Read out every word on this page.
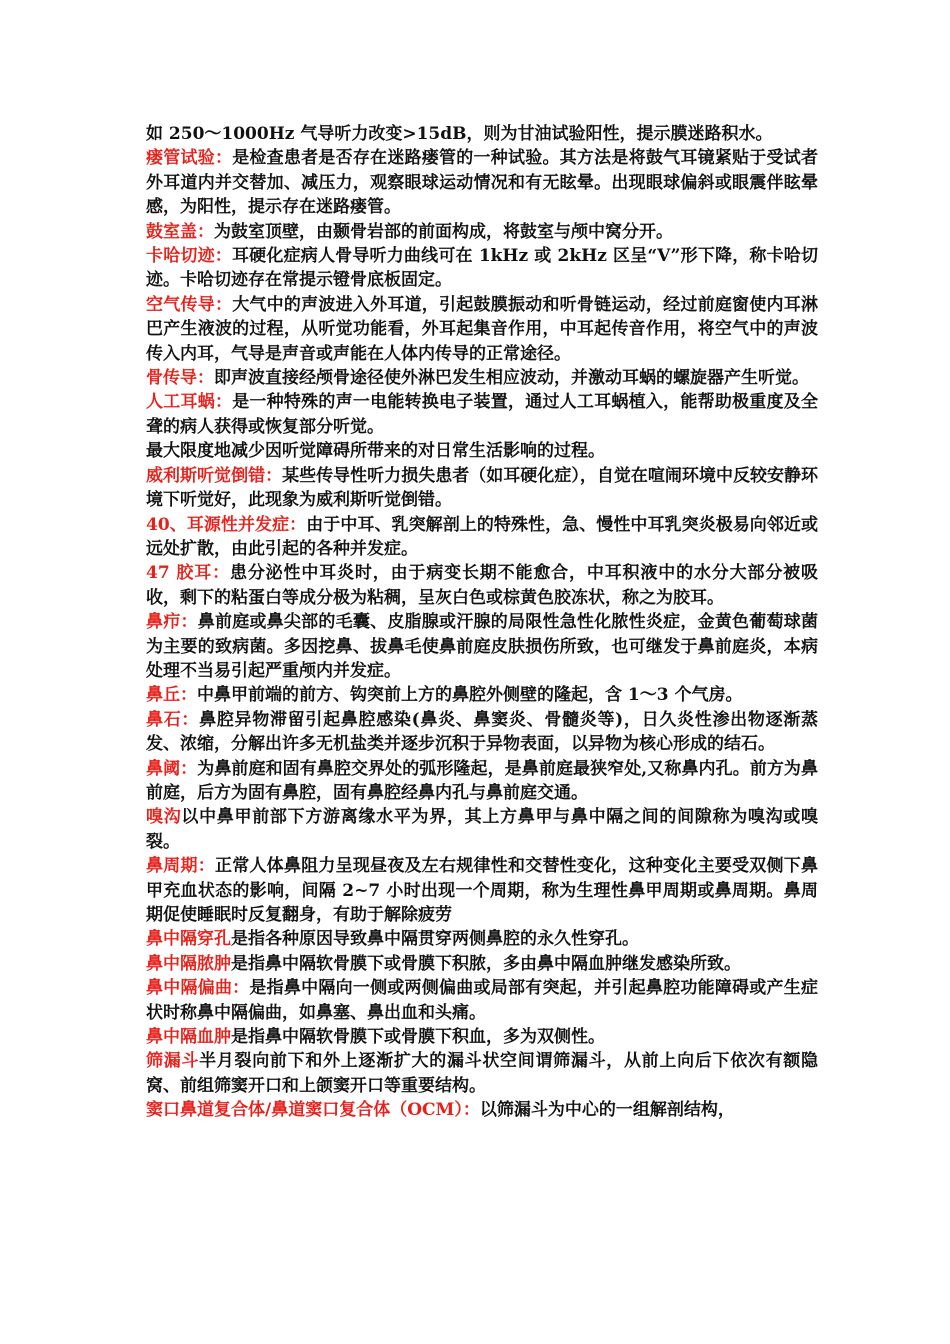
如 250～1000Hz 气导听力改变>15dB，则为甘油试验阳性，提示膜迷路积水。

瘘管试验：是检查患者是否存在迷路瘘管的一种试验。其方法是将鼓气耳镜紧贴于受试者外耳道内并交替加、减压力，观察眼球运动情况和有无眩晕。出现眼球偏斜或眼震伴眩晕感，为阳性，提示存在迷路瘘管。

鼓室盖：为鼓室顶壁，由颞骨岩部的前面构成，将鼓室与颅中窝分开。

卡哈切迹：耳硬化症病人骨导听力曲线可在 1kHz 或 2kHz 区呈“V”形下降，称卡哈切迹。卡哈切迹存在常提示镫骨底板固定。

空气传导：大气中的声波进入外耳道，引起鼓膜振动和听骨链运动，经过前庭窗使内耳淋巴产生液波的过程，从听觉功能看，外耳起集音作用，中耳起传音作用，将空气中的声波传入内耳，气导是声音或声能在人体内传导的正常途径。

骨传导：即声波直接经颅骨途径使外淋巴发生相应波动，并激动耳蜗的螺旋器产生听觉。

人工耳蜗：是一种特殊的声一电能转换电子装置，通过人工耳蜗植入，能帮助极重度及全聋的病人获得或恢复部分听觉。

最大限度地减少因听觉障碍所带来的对日常生活影响的过程。

威利斯听觉倒错：某些传导性听力损失患者（如耳硬化症），自觉在喧闹环境中反较安静环境下听觉好，此现象为威利斯听觉倒错。

40、耳源性并发症：由于中耳、乳突解剖上的特殊性，急、慢性中耳乳突炎极易向邻近或远处扩散，由此引起的各种并发症。

47 胶耳：患分泌性中耳炎时，由于病变长期不能愈合，中耳积液中的水分大部分被吸收，剩下的粘蛋白等成分极为粘稠，呈灰白色或棕黄色胶冻状，称之为胶耳。

鼻疖：鼻前庭或鼻尖部的毛囊、皮脂腺或汗腺的局限性急性化脓性炎症，金黄色葡萄球菌为主要的致病菌。多因挖鼻、拔鼻毛使鼻前庭皮肤损伤所致，也可继发于鼻前庭炎，本病处理不当易引起严重颅内并发症。

鼻丘：中鼻甲前端的前方、钩突前上方的鼻腔外侧壁的隆起，含 1～3 个气房。

鼻石：鼻腔异物滞留引起鼻腔感染(鼻炎、鼻窦炎、骨髓炎等)，日久炎性渗出物逐渐蒸发、浓缩，分解出许多无机盐类并逐步沉积于异物表面，以异物为核心形成的结石。

鼻阈：为鼻前庭和固有鼻腔交界处的弧形隆起，是鼻前庭最狭窄处,又称鼻内孔。前方为鼻前庭，后方为固有鼻腔，固有鼻腔经鼻内孔与鼻前庭交通。

嗅沟以中鼻甲前部下方游离缘水平为界，其上方鼻甲与鼻中隔之间的间隙称为嗅沟或嗅裂。

鼻周期：正常人体鼻阻力呈现昼夜及左右规律性和交替性变化，这种变化主要受双侧下鼻甲充血状态的影响，间隔 2~7 小时出现一个周期，称为生理性鼻甲周期或鼻周期。鼻周期促使睡眠时反复翻身，有助于解除疲劳

鼻中隔穿孔是指各种原因导致鼻中隔贯穿两侧鼻腔的永久性穿孔。

鼻中隔脓肿是指鼻中隔软骨膜下或骨膜下积脓，多由鼻中隔血肿继发感染所致。

鼻中隔偏曲：是指鼻中隔向一侧或两侧偏曲或局部有突起，并引起鼻腔功能障碍或产生症状时称鼻中隔偏曲，如鼻塞、鼻出血和头痛。

鼻中隔血肿是指鼻中隔软骨膜下或骨膜下积血，多为双侧性。

筛漏斗半月裂向前下和外上逐渐扩大的漏斗状空间谓筛漏斗，从前上向后下依次有额隐窝、前组筛窦开口和上颌窦开口等重要结构。

窦口鼻道复合体/鼻道窦口复合体（OCM）：以筛漏斗为中心的一组解剖结构，
